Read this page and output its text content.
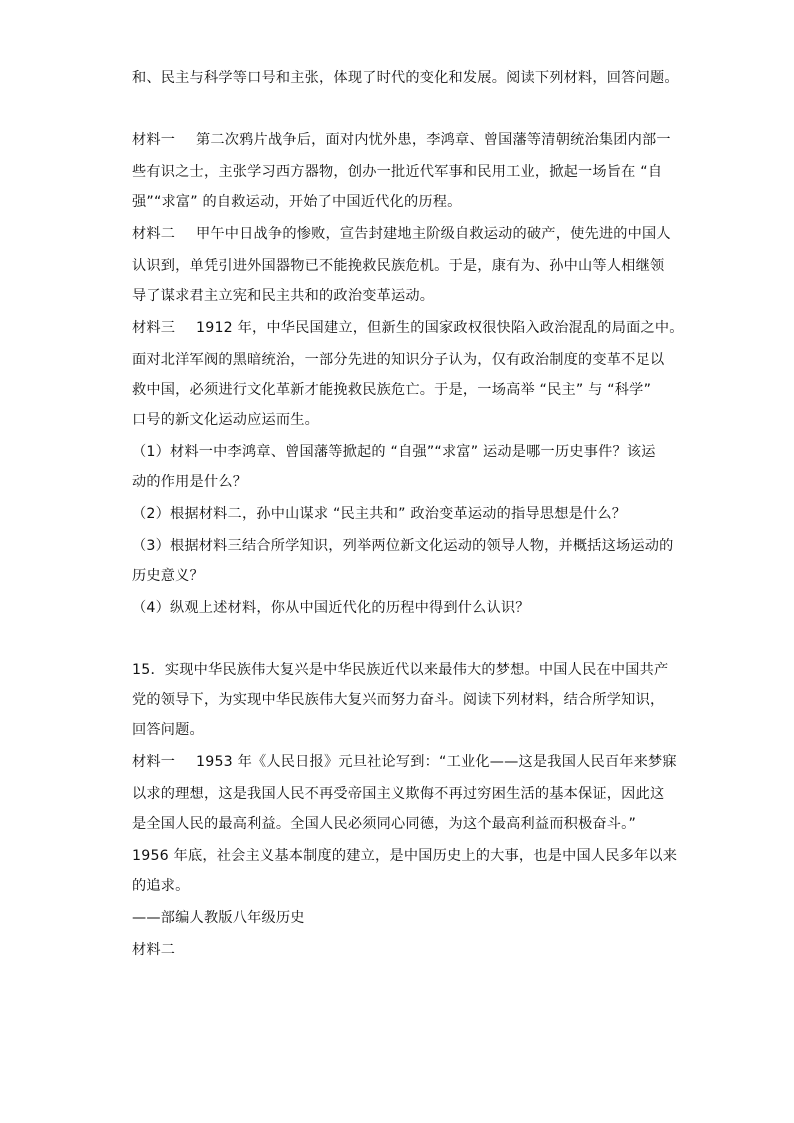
和、民主与科学等口号和主张，体现了时代的变化和发展。阅读下列材料，回答问题。
材料一 第二次鸦片战争后，面对内忧外患，李鸿章、曾国藩等清朝统治集团内部一
些有识之士，主张学习西方器物，创办一批近代军事和民用工业，掀起一场旨在 “自
强”“求富” 的自救运动，开始了中国近代化的历程。
材料二 甲午中日战争的惨败，宣告封建地主阶级自救运动的破产，使先进的中国人
认识到，单凭引进外国器物已不能挽救民族危机。于是，康有为、孙中山等人相继领
导了谋求君主立宪和民主共和的政治变革运动。
材料三 1912 年，中华民国建立，但新生的国家政权很快陷入政治混乱的局面之中。
面对北洋军阀的黑暗统治，一部分先进的知识分子认为，仅有政治制度的变革不足以
救中国，必须进行文化革新才能挽救民族危亡。于是，一场高举 “民主” 与 “科学”
口号的新文化运动应运而生。
（1）材料一中李鸿章、曾国藩等掀起的 “自强”“求富” 运动是哪一历史事件？该运
动的作用是什么？
（2）根据材料二，孙中山谋求 “民主共和” 政治变革运动的指导思想是什么？
（3）根据材料三结合所学知识，列举两位新文化运动的领导人物，并概括这场运动的
历史意义？
（4）纵观上述材料，你从中国近代化的历程中得到什么认识？
15．实现中华民族伟大复兴是中华民族近代以来最伟大的梦想。中国人民在中国共产
党的领导下，为实现中华民族伟大复兴而努力奋斗。阅读下列材料，结合所学知识，
回答问题。
材料一 1953 年《人民日报》元旦社论写到：“工业化——这是我国人民百年来梦寐
以求的理想，这是我国人民不再受帝国主义欺侮不再过穷困生活的基本保证，因此这
是全国人民的最高利益。全国人民必须同心同德，为这个最高利益而积极奋斗。”
1956 年底，社会主义基本制度的建立，是中国历史上的大事，也是中国人民多年以来
的追求。
——部编人教版八年级历史
材料二
